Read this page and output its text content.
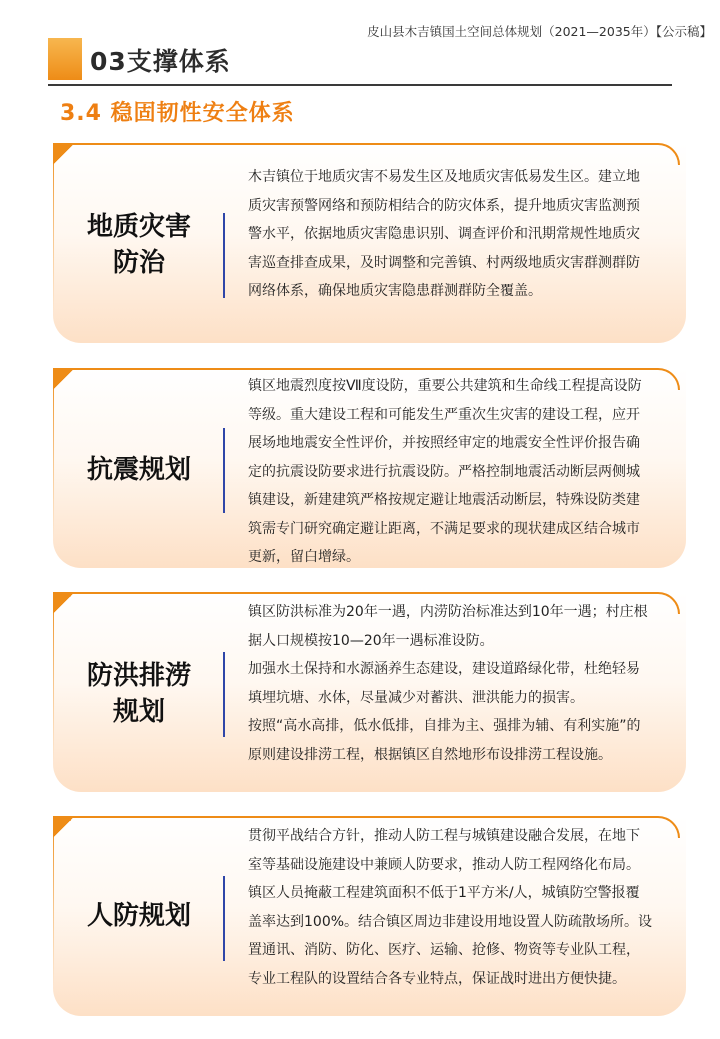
皮山县木吉镇国土空间总体规划（2021—2035年）【公示稿】
03支撑体系
3.4 稳固韧性安全体系
地质灾害
防治

木吉镇位于地质灾害不易发生区及地质灾害低易发生区。建立地质灾害预警网络和预防相结合的防灾体系，提升地质灾害监测预警水平，依据地质灾害隐患识别、调查评价和汛期常规性地质灾害巡查排查成果，及时调整和完善镇、村两级地质灾害群测群防网络体系，确保地质灾害隐患群测群防全覆盖。

抗震规划

镇区地震烈度按Ⅶ度设防，重要公共建筑和生命线工程提高设防等级。重大建设工程和可能发生严重次生灾害的建设工程，应开展场地地震安全性评价，并按照经审定的地震安全性评价报告确定的抗震设防要求进行抗震设防。严格控制地震活动断层两侧城镇建设，新建建筑严格按规定避让地震活动断层，特殊设防类建筑需专门研究确定避让距离，不满足要求的现状建成区结合城市更新，留白增绿。

防洪排涝
规划

镇区防洪标准为20年一遇，内涝防治标准达到10年一遇；村庄根据人口规模按10—20年一遇标准设防。

加强水土保持和水源涵养生态建设，建设道路绿化带，杜绝轻易填埋坑塘、水体，尽量减少对蓄洪、泄洪能力的损害。

按照“高水高排，低水低排，自排为主、强排为辅、有利实施”的原则建设排涝工程，根据镇区自然地形布设排涝工程设施。

人防规划

贯彻平战结合方针，推动人防工程与城镇建设融合发展，在地下室等基础设施建设中兼顾人防要求，推动人防工程网络化布局。镇区人员掩蔽工程建筑面积不低于1平方米/人，城镇防空警报覆盖率达到100%。结合镇区周边非建设用地设置人防疏散场所。设置通讯、消防、防化、医疗、运输、抢修、物资等专业队工程，专业工程队的设置结合各专业特点，保证战时进出方便快捷。
